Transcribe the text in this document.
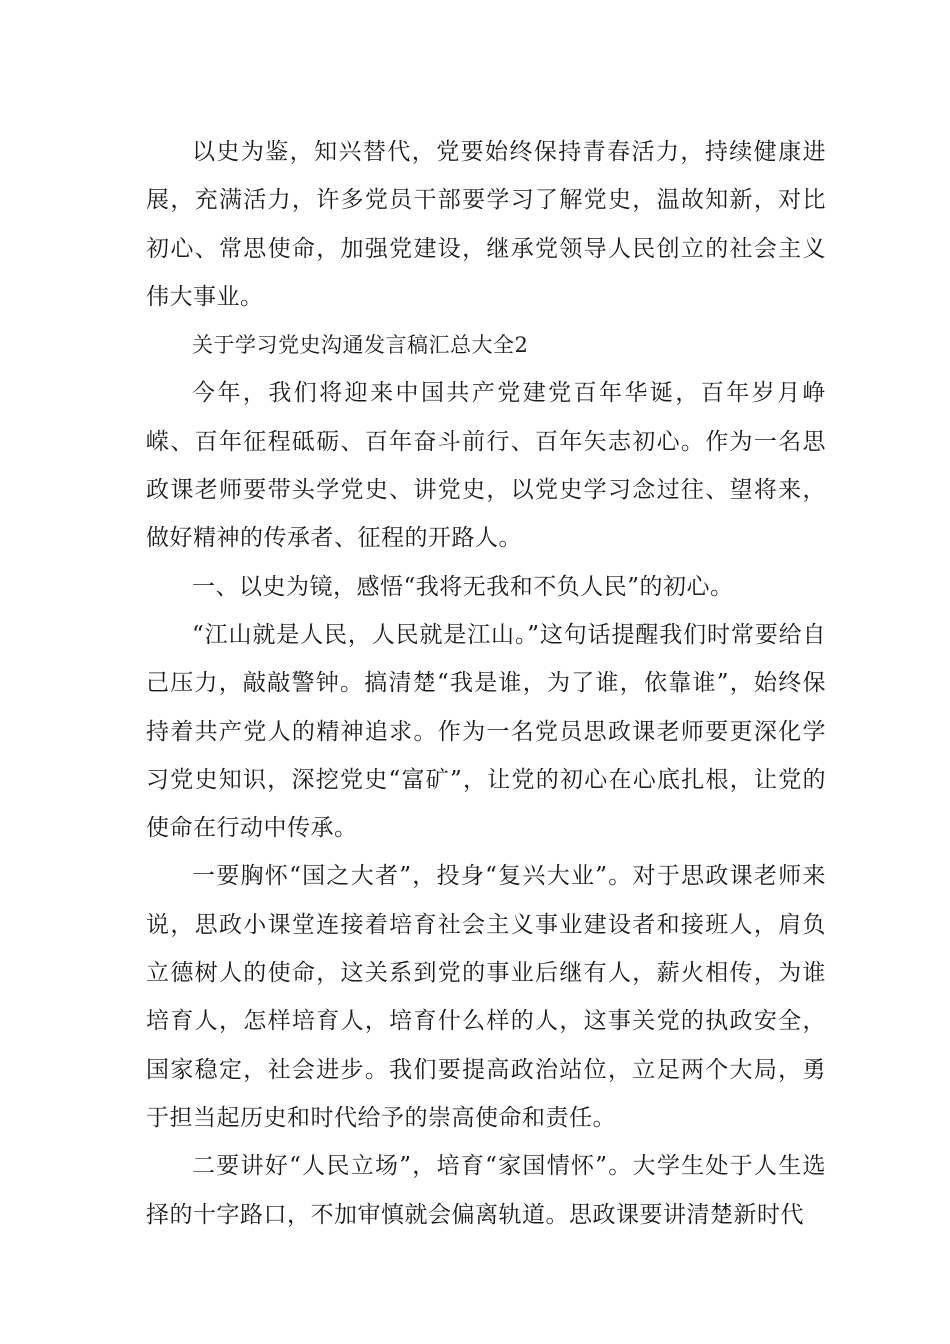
以史为鉴，知兴替代，党要始终保持青春活力，持续健康进展，充满活力，许多党员干部要学习了解党史，温故知新，对比初心、常思使命，加强党建设，继承党领导人民创立的社会主义伟大事业。

关于学习党史沟通发言稿汇总大全2

今年，我们将迎来中国共产党建党百年华诞，百年岁月峥嵘、百年征程砥砺、百年奋斗前行、百年矢志初心。作为一名思政课老师要带头学党史、讲党史，以党史学习念过往、望将来，做好精神的传承者、征程的开路人。

一、以史为镜，感悟“我将无我和不负人民”的初心。

“江山就是人民，人民就是江山。”这句话提醒我们时常要给自己压力，敲敲警钟。搞清楚“我是谁，为了谁，依靠谁”，始终保持着共产党人的精神追求。作为一名党员思政课老师要更深化学习党史知识，深挖党史“富矿”，让党的初心在心底扎根，让党的使命在行动中传承。

一要胸怀“国之大者”，投身“复兴大业”。对于思政课老师来说，思政小课堂连接着培育社会主义事业建设者和接班人，肩负立德树人的使命，这关系到党的事业后继有人，薪火相传，为谁培育人，怎样培育人，培育什么样的人，这事关党的执政安全，国家稳定，社会进步。我们要提高政治站位，立足两个大局，勇于担当起历史和时代给予的崇高使命和责任。

二要讲好“人民立场”，培育“家国情怀”。大学生处于人生选择的十字路口，不加审慎就会偏离轨道。思政课要讲清楚新时代
